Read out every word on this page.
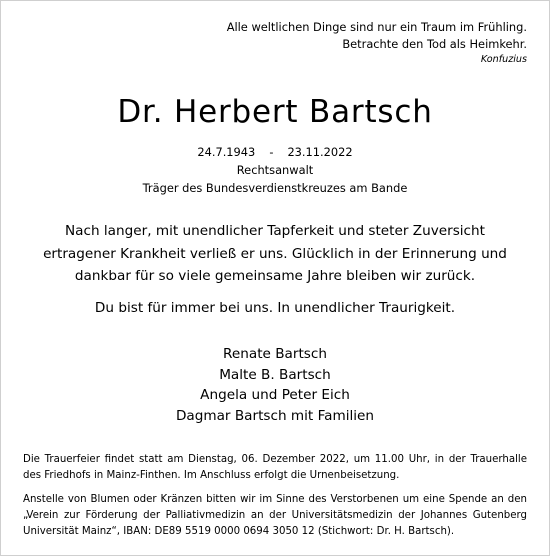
Alle weltlichen Dinge sind nur ein Traum im Frühling.
Betrachte den Tod als Heimkehr.
Konfuzius
Dr. Herbert Bartsch
24.7.1943 - 23.11.2022
Rechtsanwalt
Träger des Bundesverdienstkreuzes am Bande
Nach langer, mit unendlicher Tapferkeit und steter Zuversicht
ertragener Krankheit verließ er uns. Glücklich in der Erinnerung und
dankbar für so viele gemeinsame Jahre bleiben wir zurück.
Du bist für immer bei uns. In unendlicher Traurigkeit.
Renate Bartsch
Malte B. Bartsch
Angela und Peter Eich
Dagmar Bartsch mit Familien
Die Trauerfeier findet statt am Dienstag, 06. Dezember 2022, um 11.00 Uhr, in der Trauerhalle des Friedhofs in Mainz-Finthen. Im Anschluss erfolgt die Urnenbeisetzung.
Anstelle von Blumen oder Kränzen bitten wir im Sinne des Verstorbenen um eine Spende an den „Verein zur Förderung der Palliativmedizin an der Universitätsmedizin der Johannes Gutenberg Universität Mainz“, IBAN: DE89 5519 0000 0694 3050 12 (Stichwort: Dr. H. Bartsch).
